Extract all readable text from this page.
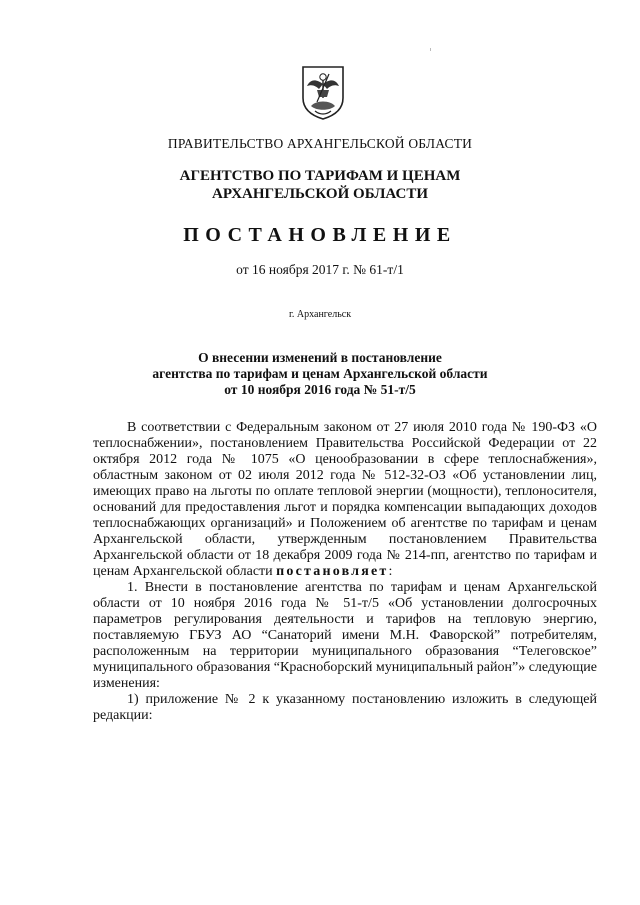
ПРАВИТЕЛЬСТВО АРХАНГЕЛЬСКОЙ ОБЛАСТИ
АГЕНТСТВО ПО ТАРИФАМ И ЦЕНАМ
АРХАНГЕЛЬСКОЙ ОБЛАСТИ
ПОСТАНОВЛЕНИЕ
от 16 ноября 2017 г. № 61-т/1
г. Архангельск
О внесении изменений в постановление
агентства по тарифам и ценам Архангельской области
от 10 ноября 2016 года № 51-т/5

В соответствии с Федеральным законом от 27 июля 2010 года № 190-ФЗ «О теплоснабжении», постановлением Правительства Российской Федерации от 22 октября 2012 года № 1075 «О ценообразовании в сфере теплоснабжения», областным законом от 02 июля 2012 года № 512-32-ОЗ «Об установлении лиц, имеющих право на льготы по оплате тепловой энергии (мощности), теплоносителя, оснований для предоставления льгот и порядка компенсации выпадающих доходов теплоснабжающих организаций» и Положением об агентстве по тарифам и ценам Архангельской области, утвержденным постановлением Правительства Архангельской области от 18 декабря 2009 года № 214-пп, агентство по тарифам и ценам Архангельской области постановляет:

1. Внести в постановление агентства по тарифам и ценам Архангельской области от 10 ноября 2016 года № 51-т/5 «Об установлении долгосрочных параметров регулирования деятельности и тарифов на тепловую энергию, поставляемую ГБУЗ АО “Санаторий имени М.Н. Фаворской” потребителям, расположенным на территории муниципального образования “Телеговское” муниципального образования “Красноборский муниципальный район”» следующие изменения:

1) приложение № 2 к указанному постановлению изложить в следующей редакции:
